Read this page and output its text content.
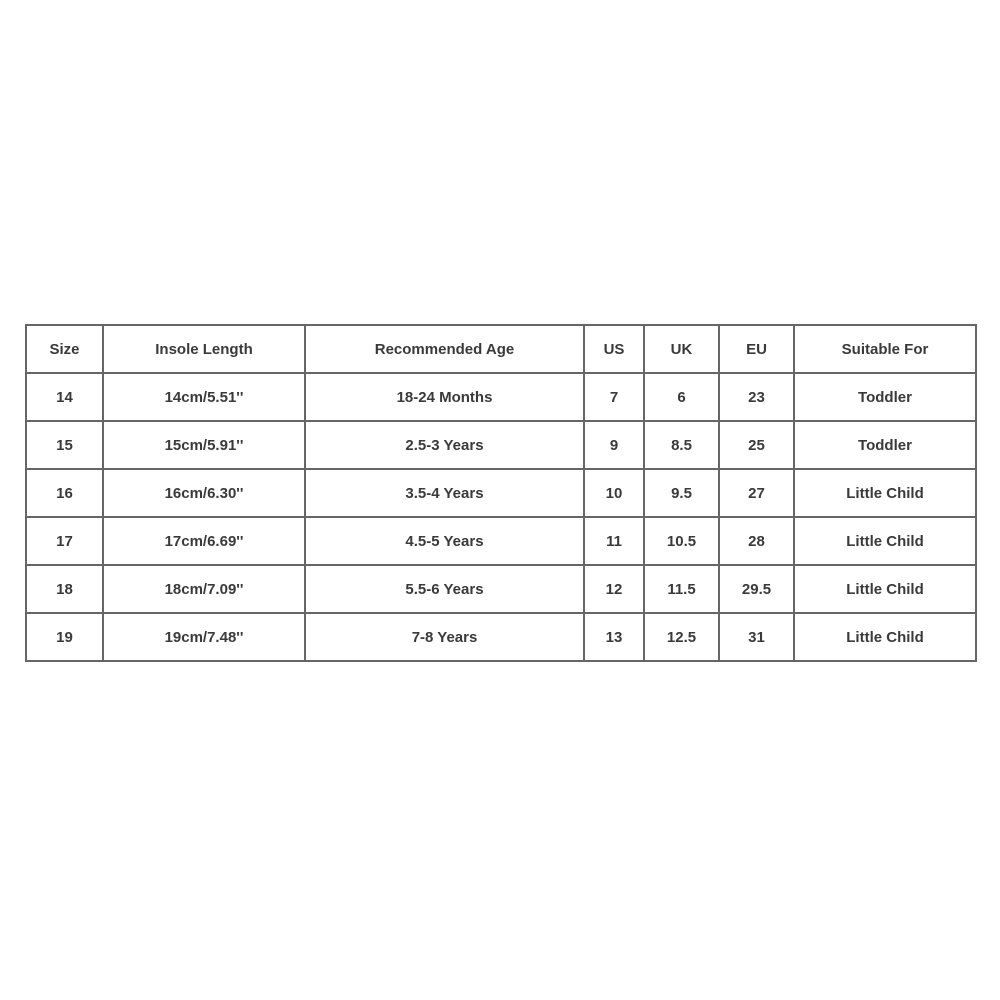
Size	Insole Length	Recommended Age	US	UK	EU	Suitable For
14	14cm/5.51''	18-24 Months	7	6	23	Toddler
15	15cm/5.91''	2.5-3 Years	9	8.5	25	Toddler
16	16cm/6.30''	3.5-4 Years	10	9.5	27	Little Child
17	17cm/6.69''	4.5-5 Years	11	10.5	28	Little Child
18	18cm/7.09''	5.5-6 Years	12	11.5	29.5	Little Child
19	19cm/7.48''	7-8 Years	13	12.5	31	Little Child
